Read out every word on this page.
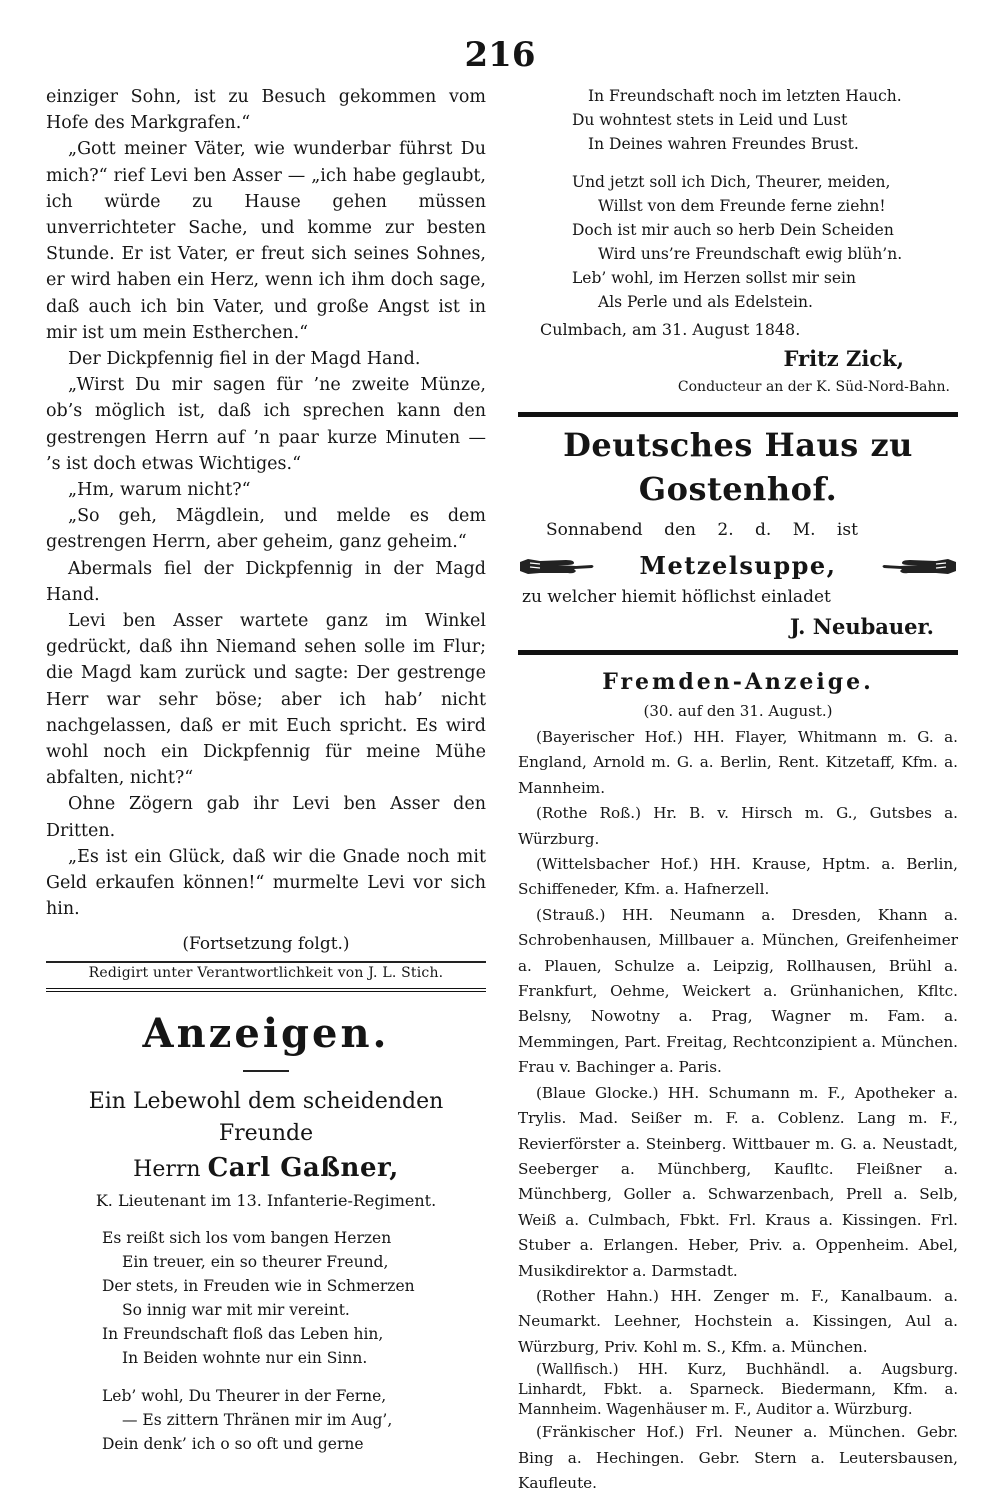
216

einziger Sohn, ist zu Besuch gekommen vom Hofe des Markgrafen.“

„Gott meiner Väter, wie wunderbar führst Du mich?“ rief Levi ben Asser — „ich habe geglaubt, ich würde zu Hause gehen müssen unverrichteter Sache, und komme zur besten Stunde. Er ist Vater, er freut sich seines Sohnes, er wird haben ein Herz, wenn ich ihm doch sage, daß auch ich bin Vater, und große Angst ist in mir ist um mein Estherchen.“

Der Dickpfennig fiel in der Magd Hand.

„Wirst Du mir sagen für ’ne zweite Münze, ob’s möglich ist, daß ich sprechen kann den gestrengen Herrn auf ’n paar kurze Minuten — ’s ist doch etwas Wichtiges.“

„Hm, warum nicht?“

„So geh, Mägdlein, und melde es dem gestrengen Herrn, aber geheim, ganz geheim.“

Abermals fiel der Dickpfennig in der Magd Hand.

Levi ben Asser wartete ganz im Winkel gedrückt, daß ihn Niemand sehen solle im Flur; die Magd kam zurück und sagte: Der gestrenge Herr war sehr böse; aber ich hab’ nicht nachgelassen, daß er mit Euch spricht. Es wird wohl noch ein Dickpfennig für meine Mühe abfalten, nicht?“

Ohne Zögern gab ihr Levi ben Asser den Dritten.

„Es ist ein Glück, daß wir die Gnade noch mit Geld erkaufen können!“ murmelte Levi vor sich hin.

(Fortsetzung folgt.)

Redigirt unter Verantwortlichkeit von J. L. Stich.

Anzeigen.

Ein Lebewohl dem scheidenden Freunde

Herrn Carl Gaßner,

K. Lieutenant im 13. Infanterie-Regiment.

Es reißt sich los vom bangen Herzen
Ein treuer, ein so theurer Freund,
Der stets, in Freuden wie in Schmerzen
So innig war mit mir vereint.
In Freundschaft floß das Leben hin,
In Beiden wohnte nur ein Sinn.
Leb’ wohl, Du Theurer in der Ferne,
— Es zittern Thränen mir im Aug’,
Dein denk’ ich o so oft und gerne
In Freundschaft noch im letzten Hauch.
Du wohntest stets in Leid und Lust
In Deines wahren Freundes Brust.
Und jetzt soll ich Dich, Theurer, meiden,
Willst von dem Freunde ferne ziehn!
Doch ist mir auch so herb Dein Scheiden
Wird uns’re Freundschaft ewig blüh’n.
Leb’ wohl, im Herzen sollst mir sein
Als Perle und als Edelstein.

Culmbach, am 31. August 1848.

Fritz Zick,

Conducteur an der K. Süd-Nord-Bahn.

Deutsches Haus zu Gostenhof.

Sonnabend den 2. d. M. ist

Metzelsuppe,

zu welcher hiemit höflichst einladet

J. Neubauer.

Fremden-Anzeige.

(30. auf den 31. August.)

(Bayerischer Hof.) HH. Flayer, Whitmann m. G. a. England, Arnold m. G. a. Berlin, Rent. Kitzetaff, Kfm. a. Mannheim.

(Rothe Roß.) Hr. B. v. Hirsch m. G., Gutsbes a. Würzburg.

(Wittelsbacher Hof.) HH. Krause, Hptm. a. Berlin, Schiffeneder, Kfm. a. Hafnerzell.

(Strauß.) HH. Neumann a. Dresden, Khann a. Schrobenhausen, Millbauer a. München, Greifenheimer a. Plauen, Schulze a. Leipzig, Rollhausen, Brühl a. Frankfurt, Oehme, Weickert a. Grünhanichen, Kfltc. Belsny, Nowotny a. Prag, Wagner m. Fam. a. Memmingen, Part. Freitag, Rechtconzipient a. München. Frau v. Bachinger a. Paris.

(Blaue Glocke.) HH. Schumann m. F., Apotheker a. Trylis. Mad. Seißer m. F. a. Coblenz. Lang m. F., Revierförster a. Steinberg. Wittbauer m. G. a. Neustadt, Seeberger a. Münchberg, Kaufltc. Fleißner a. Münchberg, Goller a. Schwarzenbach, Prell a. Selb, Weiß a. Culmbach, Fbkt. Frl. Kraus a. Kissingen. Frl. Stuber a. Erlangen. Heber, Priv. a. Oppenheim. Abel, Musikdirektor a. Darmstadt.

(Rother Hahn.) HH. Zenger m. F., Kanalbaum. a. Neumarkt. Leehner, Hochstein a. Kissingen, Aul a. Würzburg, Priv. Kohl m. S., Kfm. a. München.

(Wallfisch.) HH. Kurz, Buchhändl. a. Augsburg. Linhardt, Fbkt. a. Sparneck. Biedermann, Kfm. a. Mannheim. Wagenhäuser m. F., Auditor a. Würzburg.

(Fränkischer Hof.) Frl. Neuner a. München. Gebr. Bing a. Hechingen. Gebr. Stern a. Leutersbausen, Kaufleute.
